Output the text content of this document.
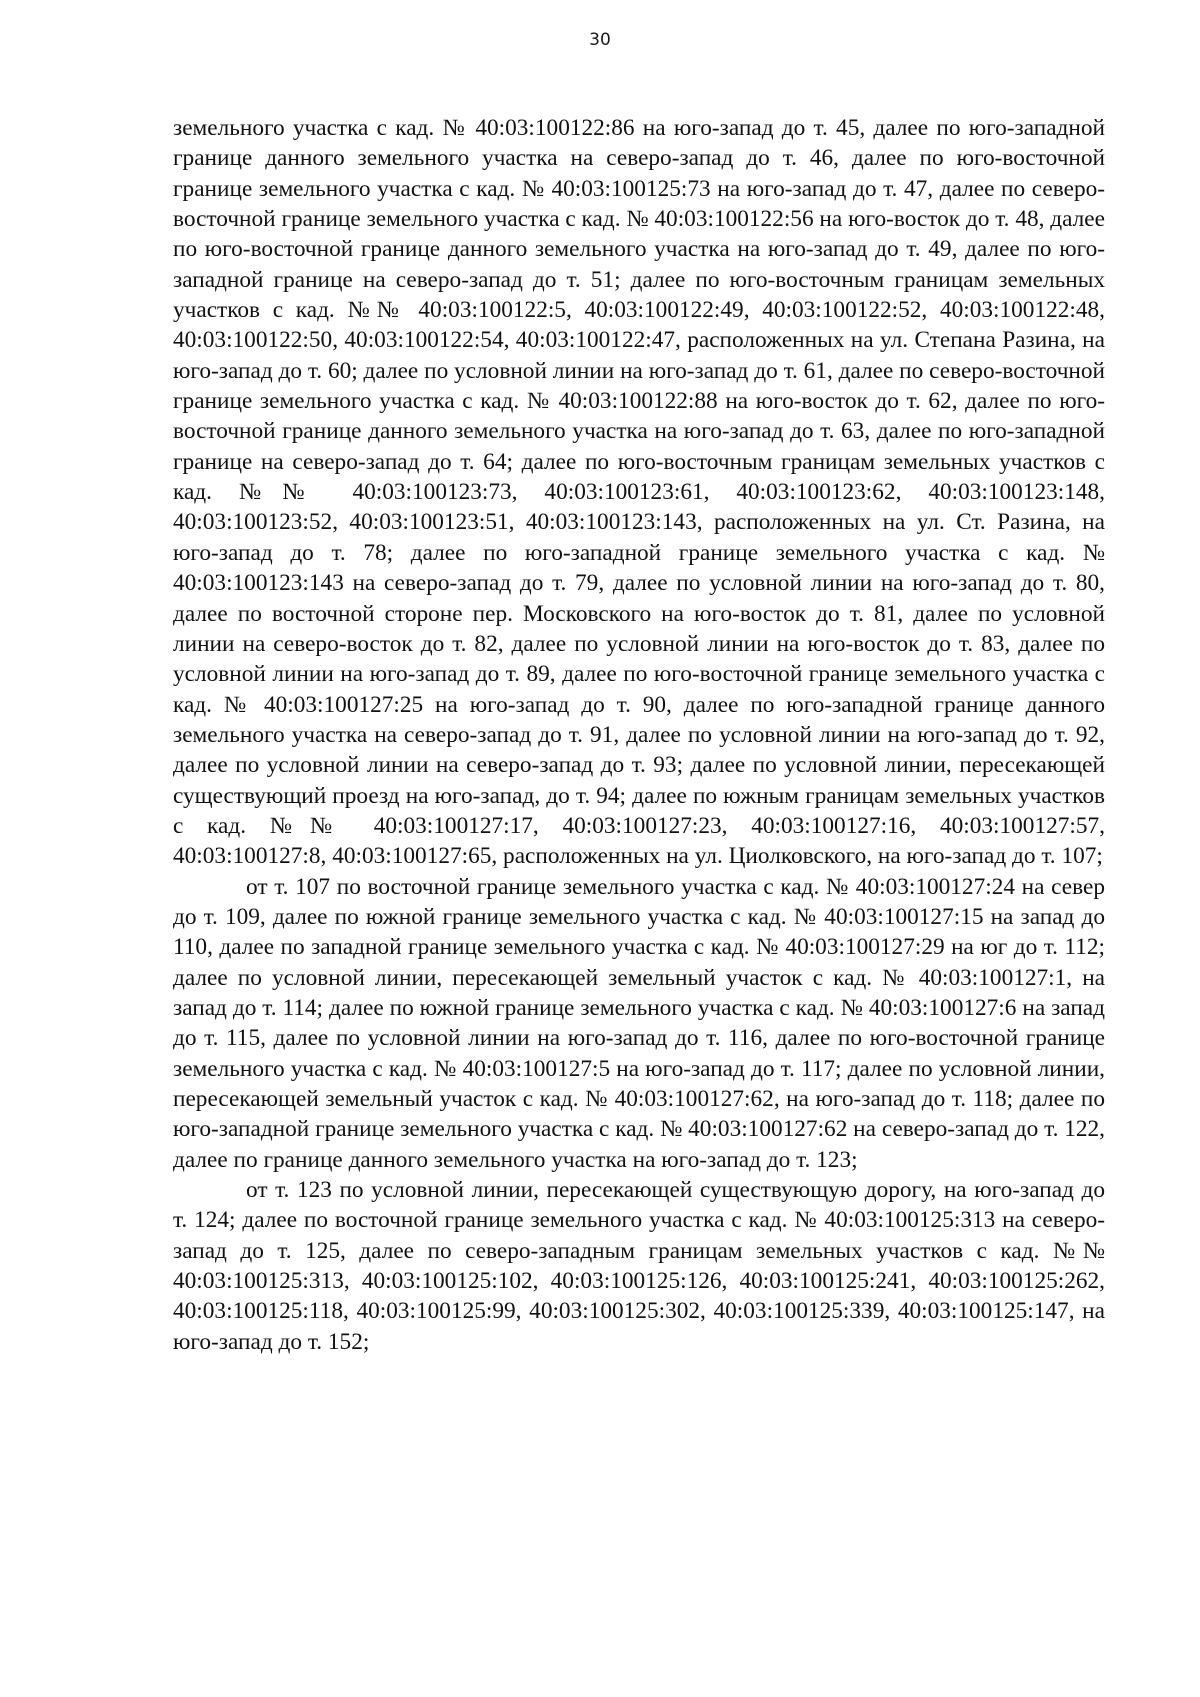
30

земельного участка с кад. № 40:03:100122:86 на юго-запад до т. 45, далее по юго-западной границе данного земельного участка на северо-запад до т. 46, далее по юго-восточной границе земельного участка с кад. № 40:03:100125:73 на юго-запад до т. 47, далее по северо-восточной границе земельного участка с кад. № 40:03:100122:56 на юго-восток до т. 48, далее по юго-восточной границе данного земельного участка на юго-запад до т. 49, далее по юго-западной границе на северо-запад до т. 51; далее по юго-восточным границам земельных участков с кад. №№ 40:03:100122:5, 40:03:100122:49, 40:03:100122:52, 40:03:100122:48, 40:03:100122:50, 40:03:100122:54, 40:03:100122:47, расположенных на ул. Степана Разина, на юго-запад до т. 60; далее по условной линии на юго-запад до т. 61, далее по северо-восточной границе земельного участка с кад. № 40:03:100122:88 на юго-восток до т. 62, далее по юго-восточной границе данного земельного участка на юго-запад до т. 63, далее по юго-западной границе на северо-запад до т. 64; далее по юго-восточным границам земельных участков с кад. №№ 40:03:100123:73, 40:03:100123:61, 40:03:100123:62, 40:03:100123:148, 40:03:100123:52, 40:03:100123:51, 40:03:100123:143, расположенных на ул. Ст. Разина, на юго-запад до т. 78; далее по юго-западной границе земельного участка с кад. № 40:03:100123:143 на северо-запад до т. 79, далее по условной линии на юго-запад до т. 80, далее по восточной стороне пер. Московского на юго-восток до т. 81, далее по условной линии на северо-восток до т. 82, далее по условной линии на юго-восток до т. 83, далее по условной линии на юго-запад до т. 89, далее по юго-восточной границе земельного участка с кад. № 40:03:100127:25 на юго-запад до т. 90, далее по юго-западной границе данного земельного участка на северо-запад до т. 91, далее по условной линии на юго-запад до т. 92, далее по условной линии на северо-запад до т. 93; далее по условной линии, пересекающей существующий проезд на юго-запад, до т. 94; далее по южным границам земельных участков с кад. №№ 40:03:100127:17, 40:03:100127:23, 40:03:100127:16, 40:03:100127:57, 40:03:100127:8, 40:03:100127:65, расположенных на ул. Циолковского, на юго-запад до т. 107;

от т. 107 по восточной границе земельного участка с кад. № 40:03:100127:24 на север до т. 109, далее по южной границе земельного участка с кад. № 40:03:100127:15 на запад до 110, далее по западной границе земельного участка с кад. № 40:03:100127:29 на юг до т. 112; далее по условной линии, пересекающей земельный участок с кад. № 40:03:100127:1, на запад до т. 114; далее по южной границе земельного участка с кад. № 40:03:100127:6 на запад до т. 115, далее по условной линии на юго-запад до т. 116, далее по юго-восточной границе земельного участка с кад. № 40:03:100127:5 на юго-запад до т. 117; далее по условной линии, пересекающей земельный участок с кад. № 40:03:100127:62, на юго-запад до т. 118; далее по юго-западной границе земельного участка с кад. № 40:03:100127:62 на северо-запад до т. 122, далее по границе данного земельного участка на юго-запад до т. 123;

от т. 123 по условной линии, пересекающей существующую дорогу, на юго-запад до т. 124; далее по восточной границе земельного участка с кад. № 40:03:100125:313 на северо-запад до т. 125, далее по северо-западным границам земельных участков с кад. №№ 40:03:100125:313, 40:03:100125:102, 40:03:100125:126, 40:03:100125:241, 40:03:100125:262, 40:03:100125:118, 40:03:100125:99, 40:03:100125:302, 40:03:100125:339, 40:03:100125:147, на юго-запад до т. 152;
